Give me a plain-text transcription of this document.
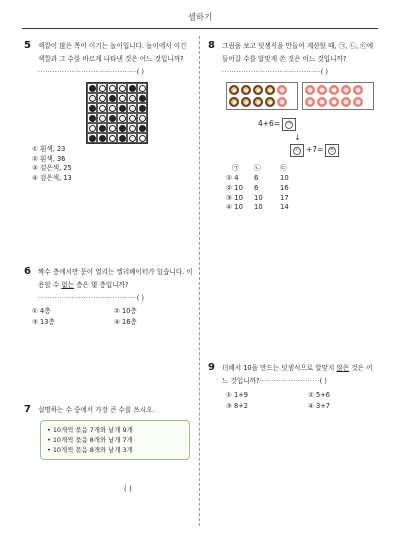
셈하기
5 색깔이 많은 쪽이 이기는 놀이입니다. 놀이에서 이긴 색깔과 그 수를 바르게 나타낸 것은 어느 것입니까?·········································( )
① 흰색, 23
② 흰색, 36
③ 검은색, 25
④ 검은색, 13
6 짝수 층에서만 문이 열리는 엘리베이터가 있습니다. 이용할 수 없는 층은 몇 층입니까?
·········································( )
① 4층	② 10층
③ 13층	④ 16층
7 설명하는 수 중에서 가장 큰 수를 쓰시오.
• 10개씩 묶음 7개와 낱개 9개
• 10개씩 묶음 8개와 낱개 7개
• 10개씩 묶음 8개와 낱개 3개
( )
8 그림을 보고 덧셈식을 만들어 계산할 때, ㉠, ㉡, ㉢에 들어갈 수를 알맞게 쓴 것은 어느 것입니까?·········································( )
4+6= ㉠
↓
㉡ +7= ㉢
㉠	㉡	㉢
① 4	6	10
② 10	6	16
③ 10	10	17
④ 10	10	14
9 더해서 10을 만드는 덧셈식으로 알맞지 않은 것은 어느 것입니까?·························( )
① 1+9	② 5+6
③ 8+2	④ 3+7
